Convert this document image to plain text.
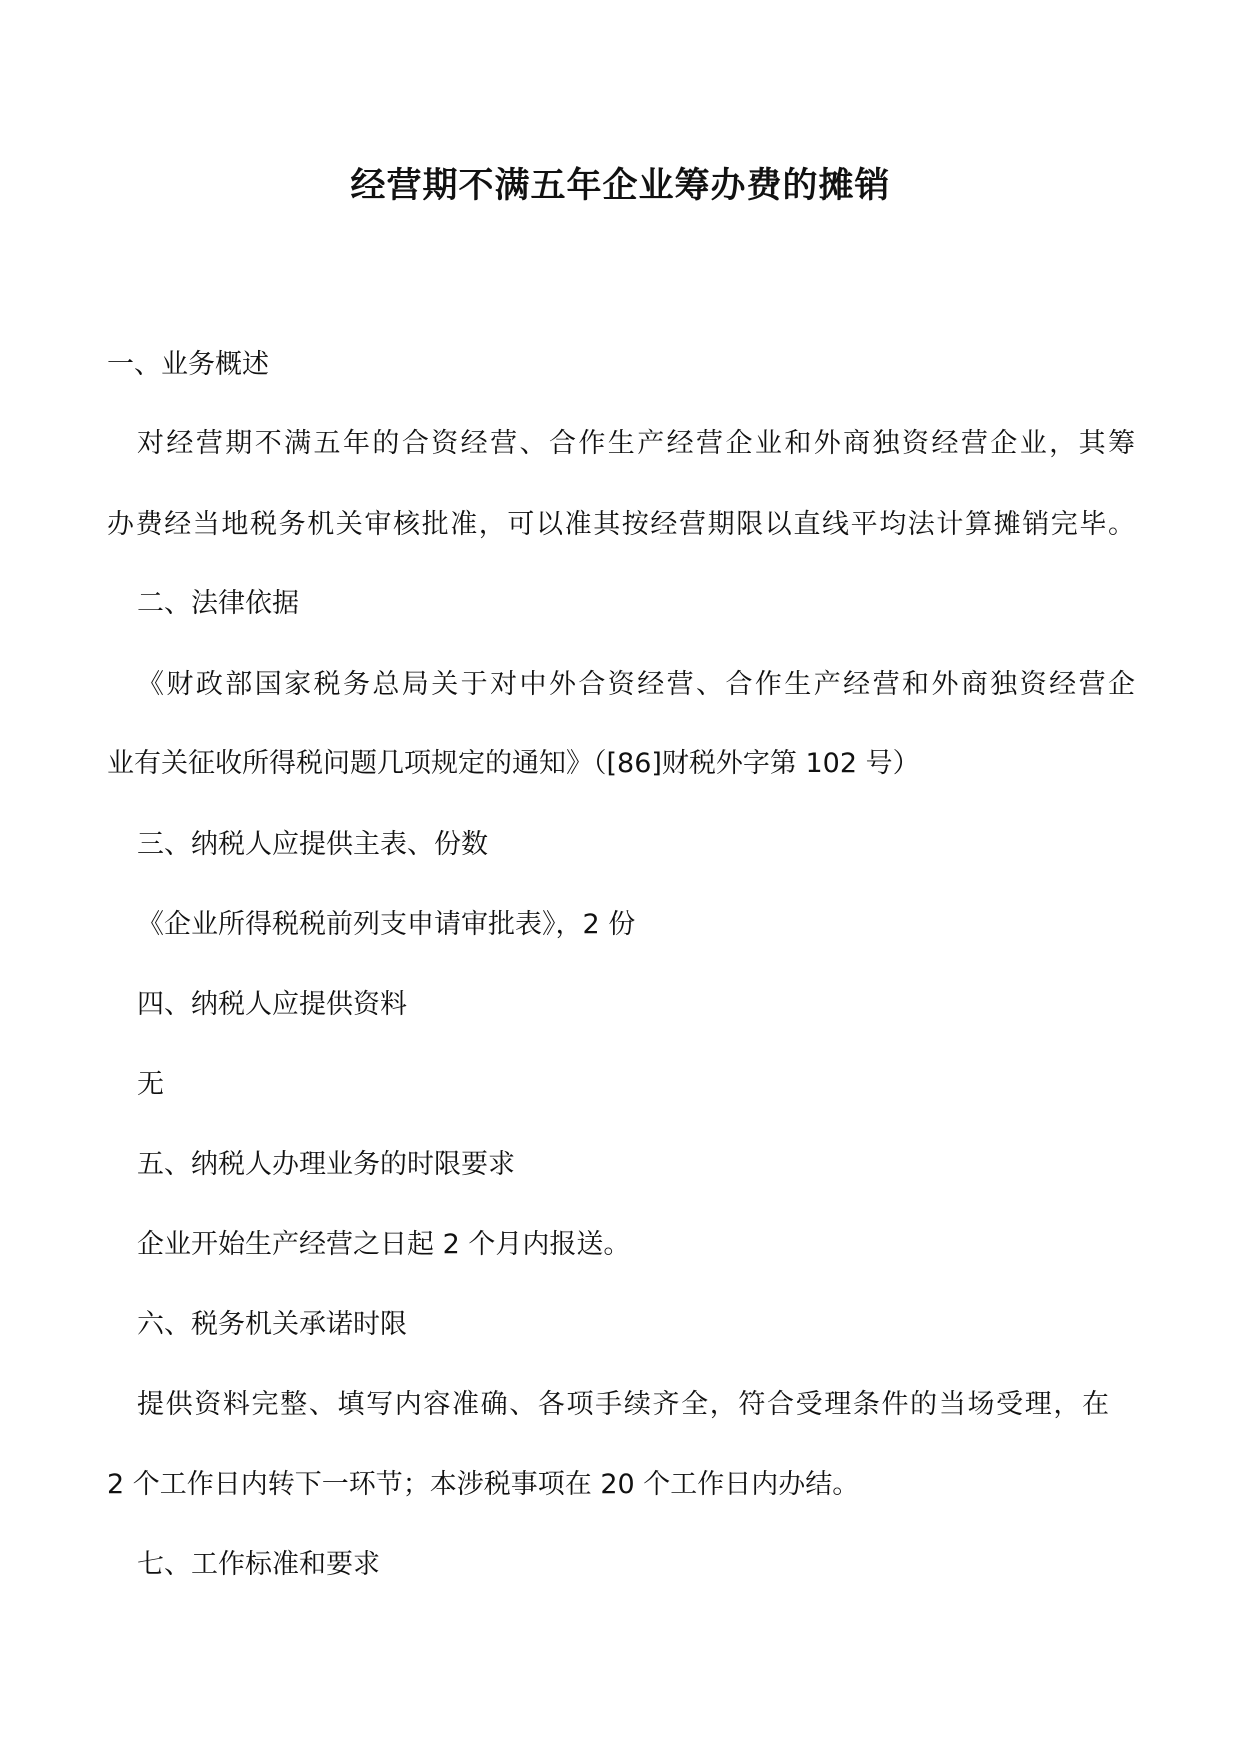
经营期不满五年企业筹办费的摊销

一、业务概述

对经营期不满五年的合资经营、合作生产经营企业和外商独资经营企业，其筹

办费经当地税务机关审核批准，可以准其按经营期限以直线平均法计算摊销完毕。

二、法律依据

《财政部国家税务总局关于对中外合资经营、合作生产经营和外商独资经营企

业有关征收所得税问题几项规定的通知》（[86]财税外字第 102 号）

三、纳税人应提供主表、份数

《企业所得税税前列支申请审批表》，2 份

四、纳税人应提供资料

无

五、纳税人办理业务的时限要求

企业开始生产经营之日起 2 个月内报送。

六、税务机关承诺时限

提供资料完整、填写内容准确、各项手续齐全，符合受理条件的当场受理，在

2 个工作日内转下一环节；本涉税事项在 20 个工作日内办结。

七、工作标准和要求
